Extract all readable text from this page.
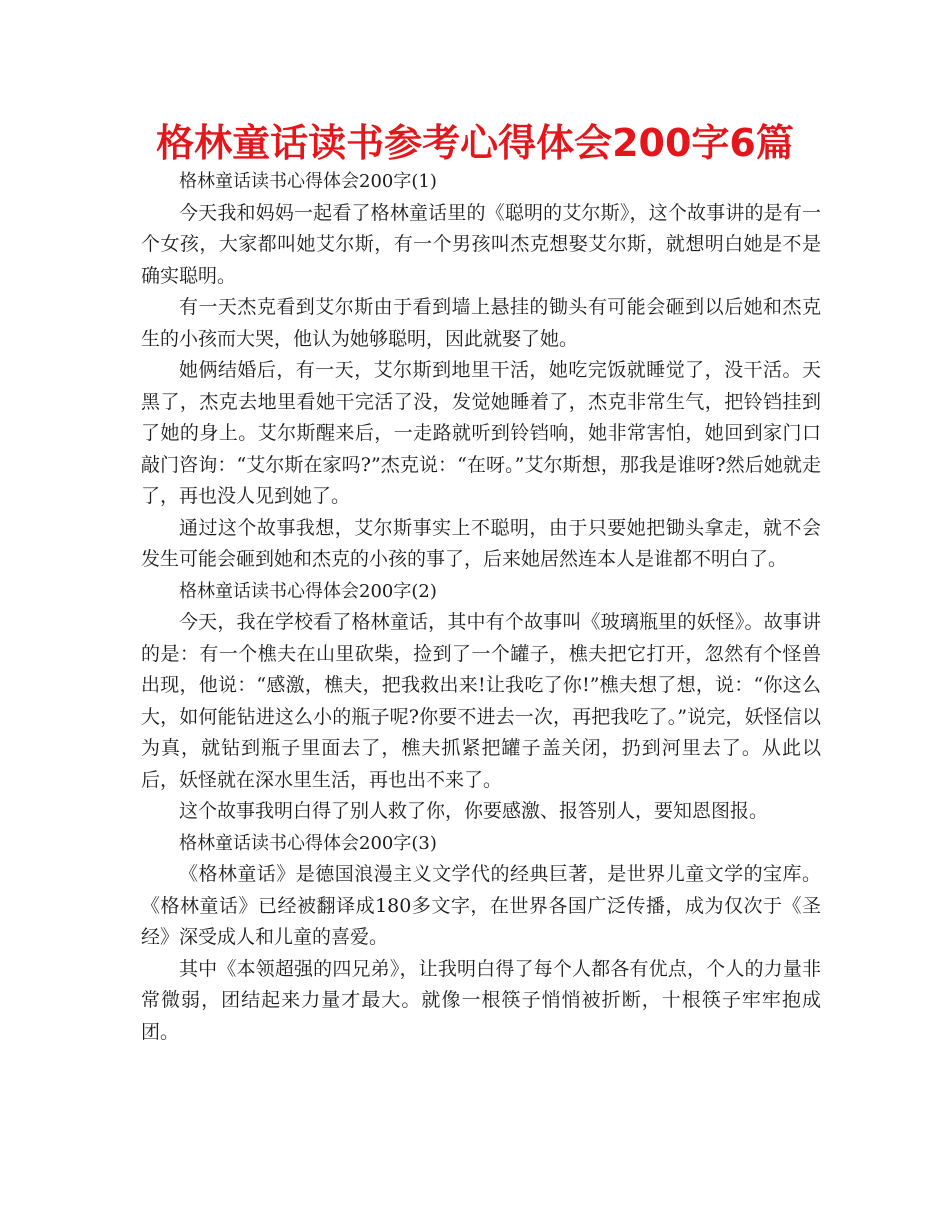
格林童话读书参考心得体会200字6篇

格林童话读书心得体会200字(1)

今天我和妈妈一起看了格林童话里的《聪明的艾尔斯》，这个故事讲的是有一个女孩，大家都叫她艾尔斯，有一个男孩叫杰克想娶艾尔斯，就想明白她是不是确实聪明。

有一天杰克看到艾尔斯由于看到墙上悬挂的锄头有可能会砸到以后她和杰克生的小孩而大哭，他认为她够聪明，因此就娶了她。

她俩结婚后，有一天，艾尔斯到地里干活，她吃完饭就睡觉了，没干活。天黑了，杰克去地里看她干完活了没，发觉她睡着了，杰克非常生气，把铃铛挂到了她的身上。艾尔斯醒来后，一走路就听到铃铛响，她非常害怕，她回到家门口敲门咨询：“艾尔斯在家吗?”杰克说：“在呀。”艾尔斯想，那我是谁呀?然后她就走了，再也没人见到她了。

通过这个故事我想，艾尔斯事实上不聪明，由于只要她把锄头拿走，就不会发生可能会砸到她和杰克的小孩的事了，后来她居然连本人是谁都不明白了。

格林童话读书心得体会200字(2)

今天，我在学校看了格林童话，其中有个故事叫《玻璃瓶里的妖怪》。故事讲的是：有一个樵夫在山里砍柴，捡到了一个罐子，樵夫把它打开，忽然有个怪兽出现，他说：“感激，樵夫，把我救出来!让我吃了你!”樵夫想了想，说：“你这么大，如何能钻进这么小的瓶子呢?你要不进去一次，再把我吃了。”说完，妖怪信以为真，就钻到瓶子里面去了，樵夫抓紧把罐子盖关闭，扔到河里去了。从此以后，妖怪就在深水里生活，再也出不来了。

这个故事我明白得了别人救了你，你要感激、报答别人，要知恩图报。

格林童话读书心得体会200字(3)

《格林童话》是德国浪漫主义文学代的经典巨著，是世界儿童文学的宝库。《格林童话》已经被翻译成180多文字，在世界各国广泛传播，成为仅次于《圣经》深受成人和儿童的喜爱。

其中《本领超强的四兄弟》，让我明白得了每个人都各有优点，个人的力量非常微弱，团结起来力量才最大。就像一根筷子悄悄被折断，十根筷子牢牢抱成团。
